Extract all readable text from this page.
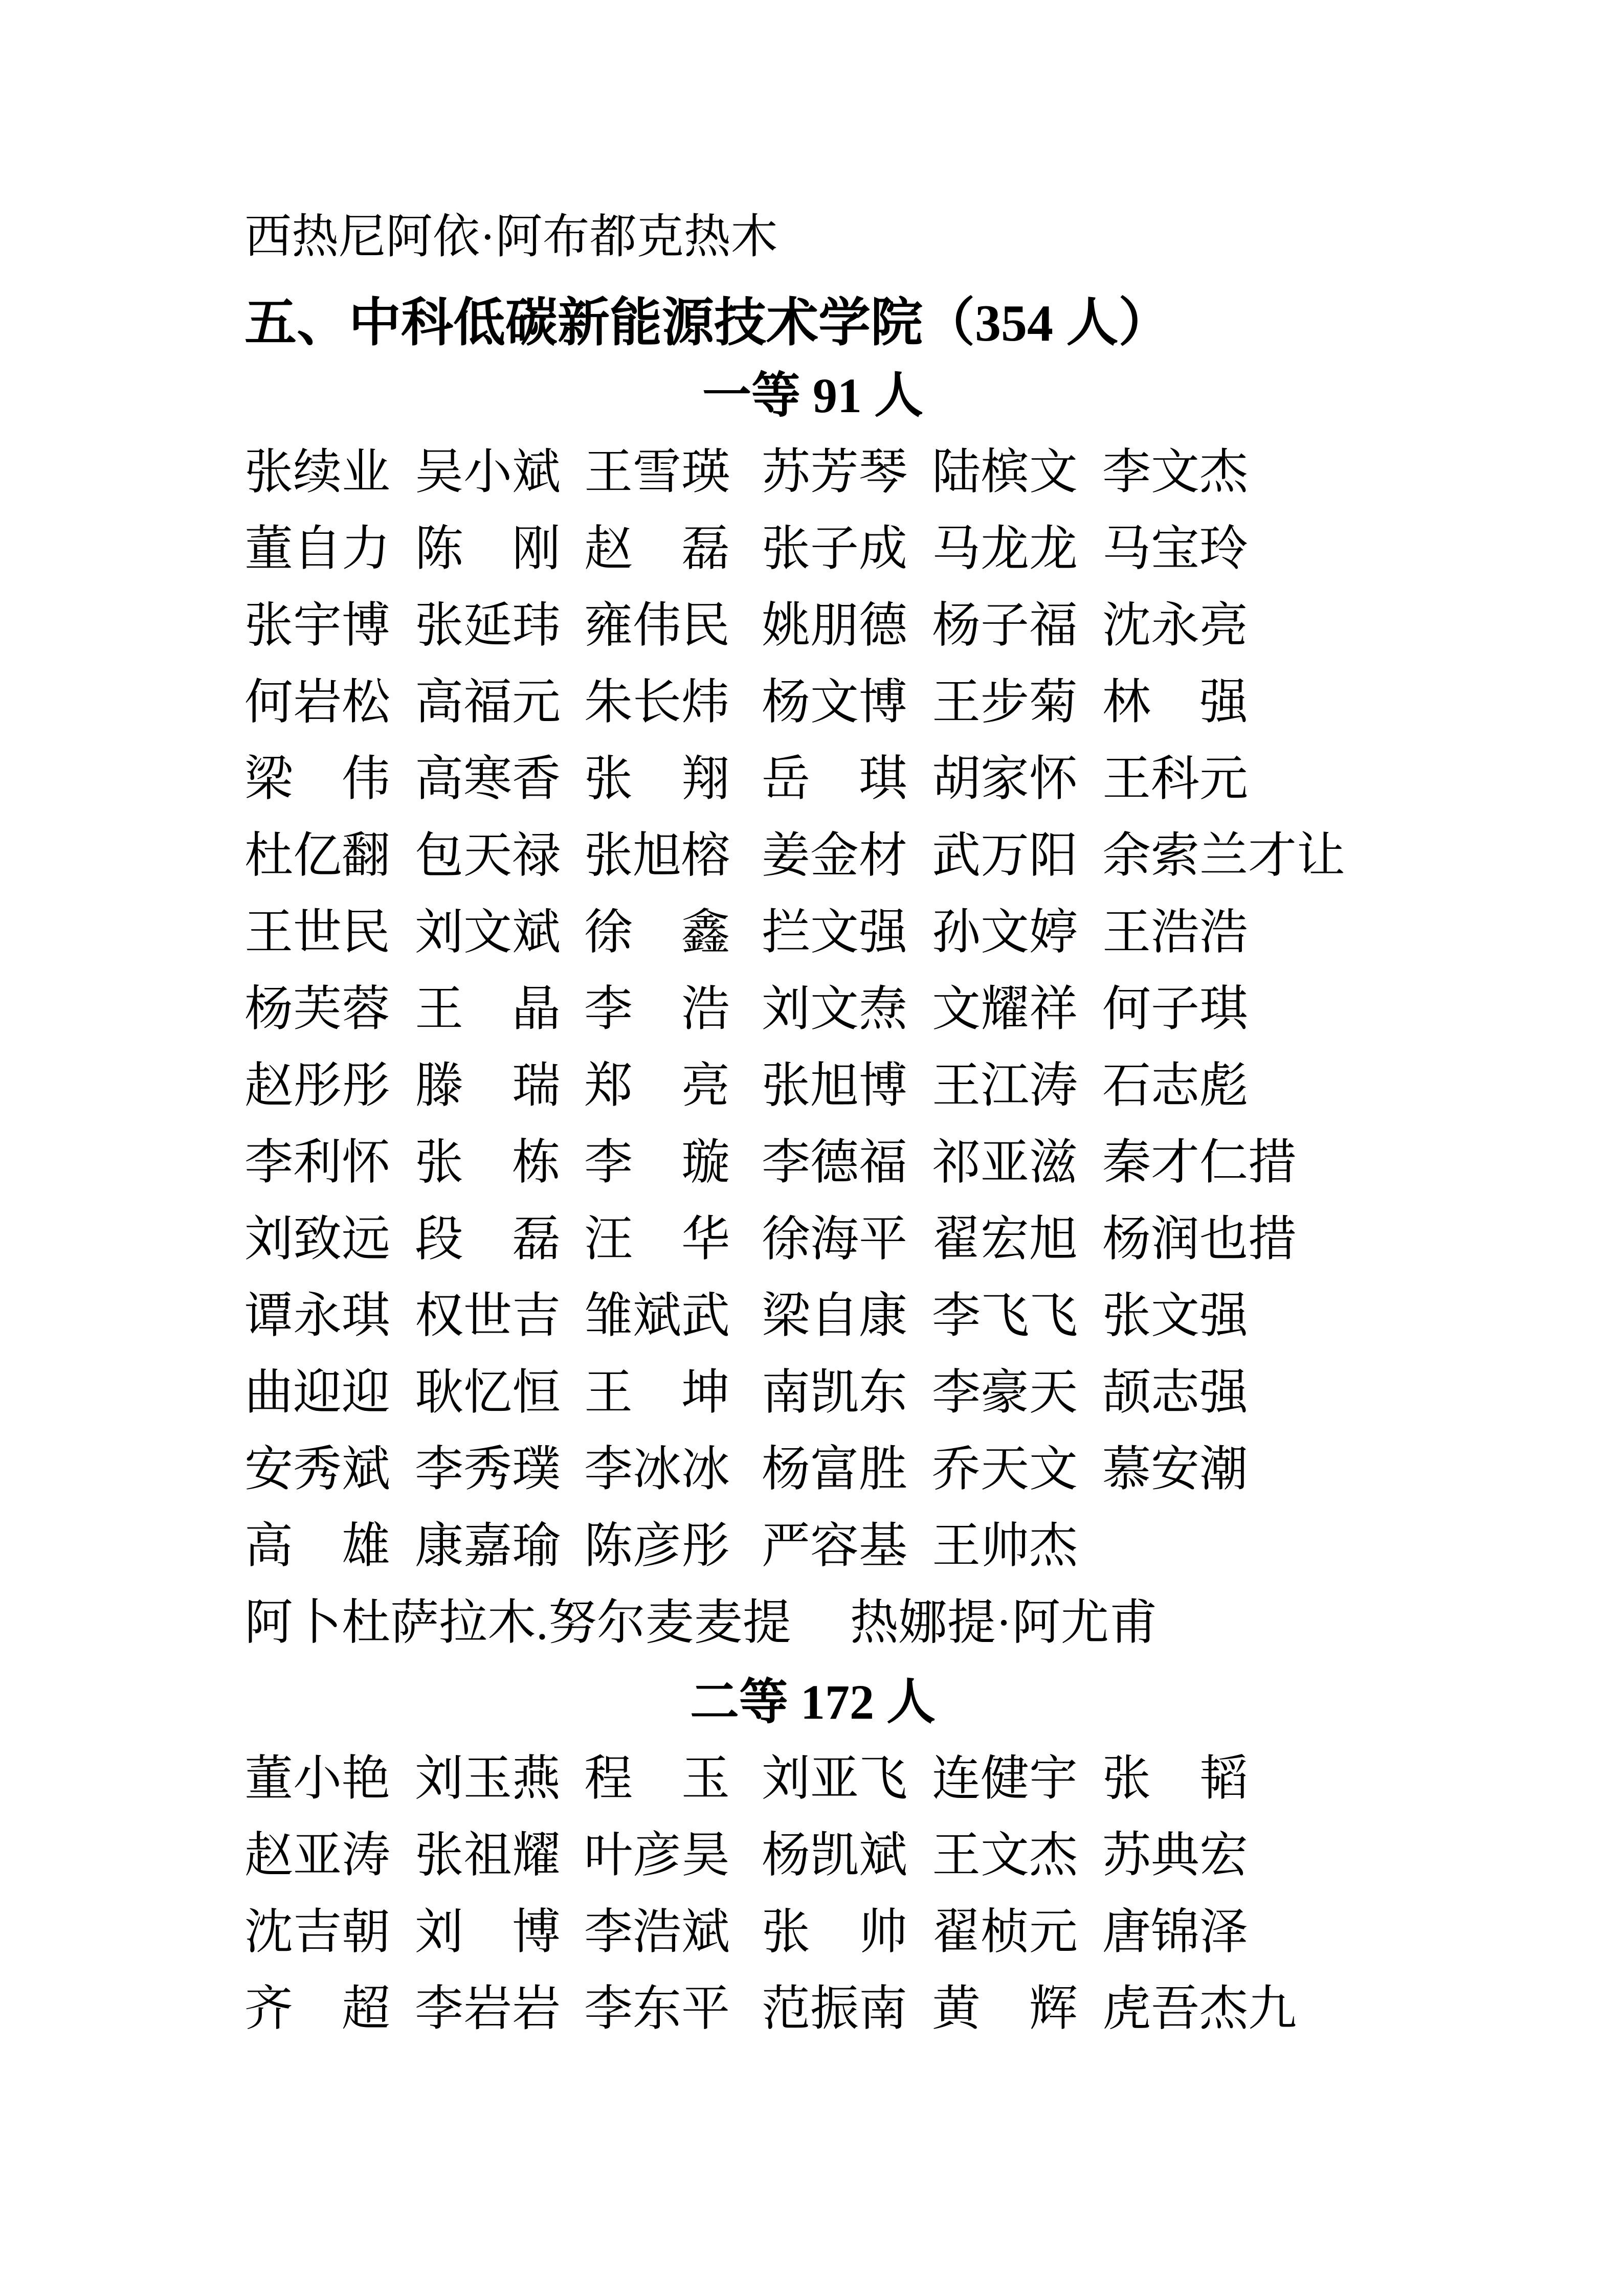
西热尼阿依·阿布都克热木
五、中科低碳新能源技术学院（354 人）
一等 91 人
张续业 吴小斌 王雪瑛 苏芳琴 陆槟文 李文杰
董自力 陈　刚 赵　磊 张子成 马龙龙 马宝玲
张宇博 张延玮 雍伟民 姚朋德 杨子福 沈永亮
何岩松 高福元 朱长炜 杨文博 王步菊 林　强
梁　伟 高寒香 张　翔 岳　琪 胡家怀 王科元
杜亿翻 包天禄 张旭榕 姜金材 武万阳 余索兰才让
王世民 刘文斌 徐　鑫 拦文强 孙文婷 王浩浩
杨芙蓉 王　晶 李　浩 刘文焘 文耀祥 何子琪
赵彤彤 滕　瑞 郑　亮 张旭博 王江涛 石志彪
李利怀 张　栋 李　璇 李德福 祁亚滋 秦才仁措
刘致远 段　磊 汪　华 徐海平 翟宏旭 杨润也措
谭永琪 权世吉 雏斌武 梁自康 李飞飞 张文强
曲迎迎 耿忆恒 王　坤 南凯东 李豪天 颉志强
安秀斌 李秀璞 李冰冰 杨富胜 乔天文 慕安潮
高　雄 康嘉瑜 陈彦彤 严容基 王帅杰
阿卜杜萨拉木.努尔麦麦提 热娜提·阿尤甫
二等 172 人
董小艳 刘玉燕 程　玉 刘亚飞 连健宇 张　韬
赵亚涛 张祖耀 叶彦昊 杨凯斌 王文杰 苏典宏
沈吉朝 刘　博 李浩斌 张　帅 翟桢元 唐锦泽
齐　超 李岩岩 李东平 范振南 黄　辉 虎吾杰九
